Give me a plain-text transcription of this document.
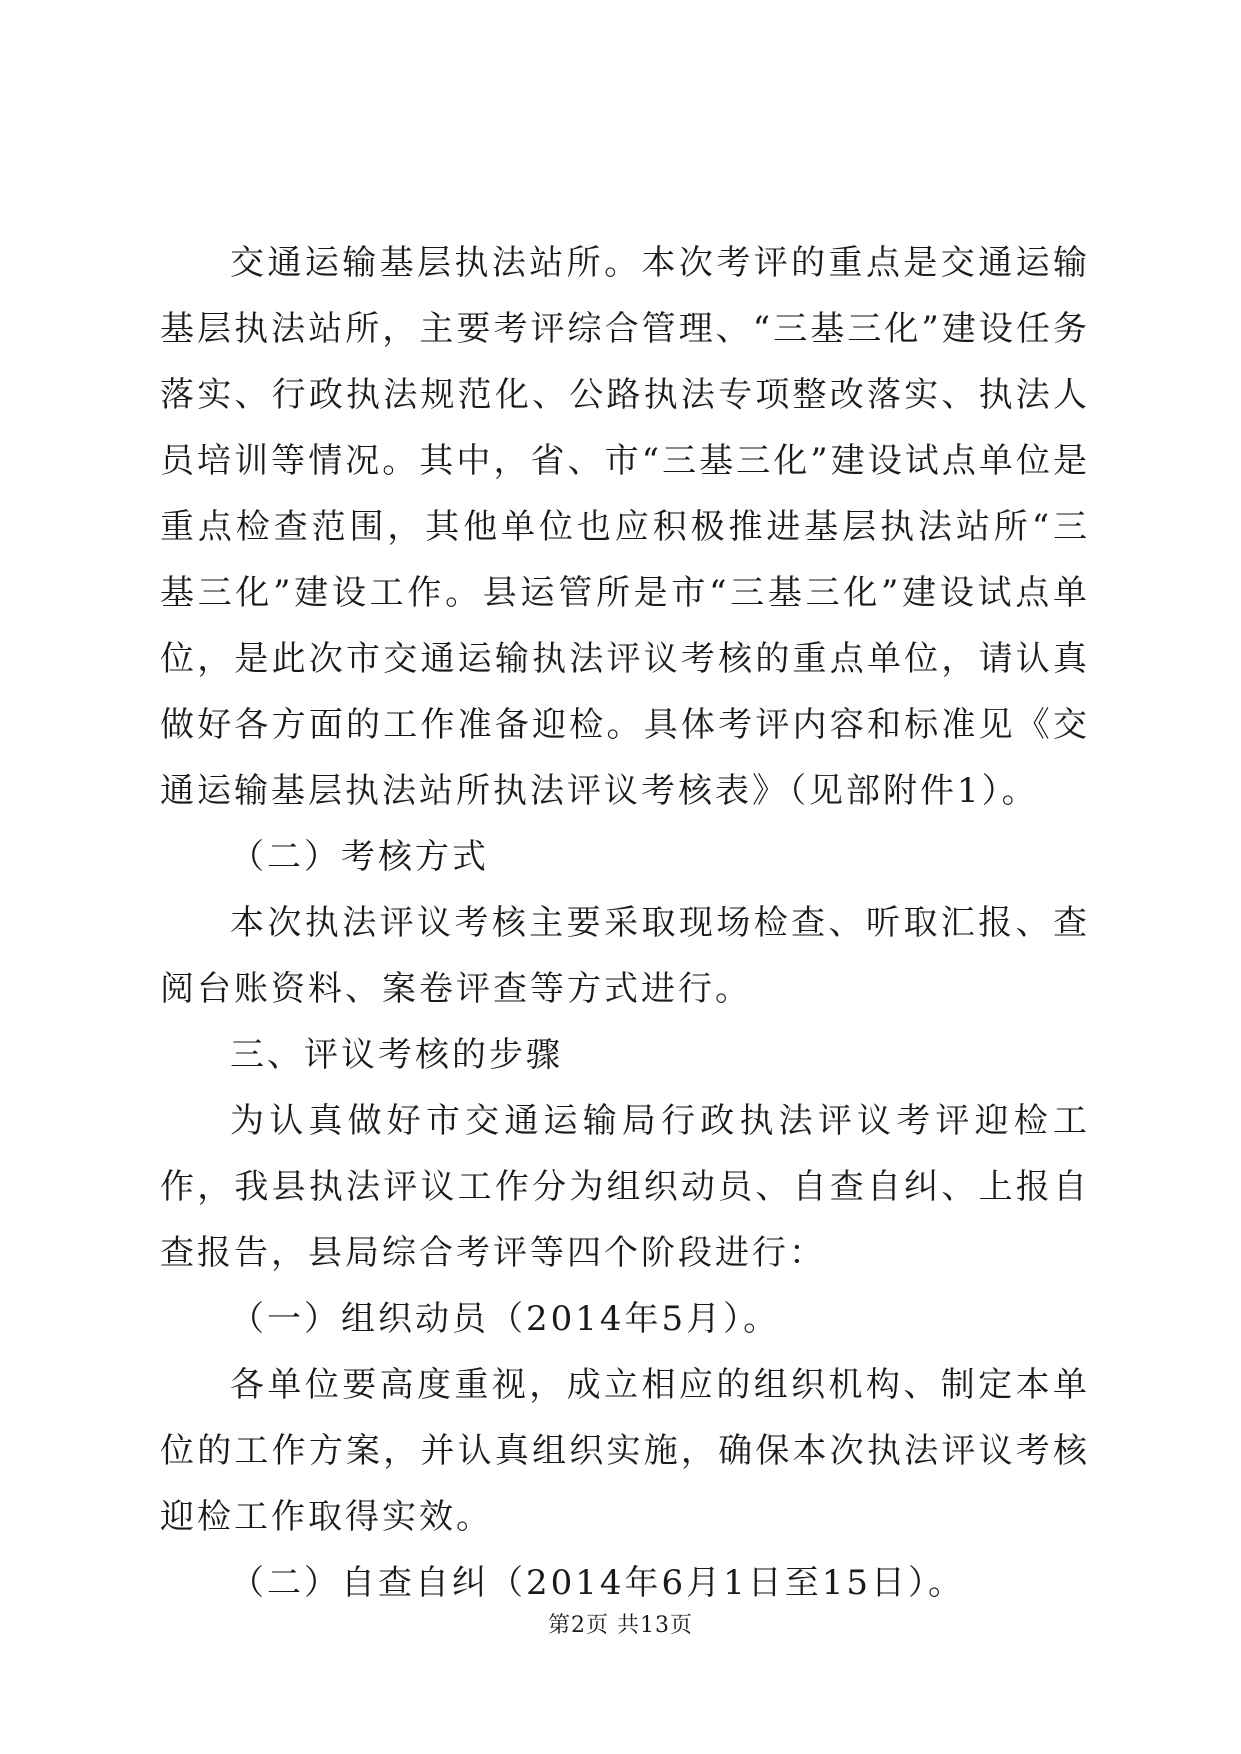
交通运输基层执法站所。本次考评的重点是交通运输基层执法站所，主要考评综合管理、“三基三化”建设任务落实、行政执法规范化、公路执法专项整改落实、执法人员培训等情况。其中，省、市“三基三化”建设试点单位是重点检查范围，其他单位也应积极推进基层执法站所“三基三化”建设工作。县运管所是市“三基三化”建设试点单位，是此次市交通运输执法评议考核的重点单位，请认真做好各方面的工作准备迎检。具体考评内容和标准见《交通运输基层执法站所执法评议考核表》（见部附件1）。

（二）考核方式

本次执法评议考核主要采取现场检查、听取汇报、查阅台账资料、案卷评查等方式进行。

三、评议考核的步骤

为认真做好市交通运输局行政执法评议考评迎检工作，我县执法评议工作分为组织动员、自查自纠、上报自查报告，县局综合考评等四个阶段进行：

（一）组织动员（2014年5月）。

各单位要高度重视，成立相应的组织机构、制定本单位的工作方案，并认真组织实施，确保本次执法评议考核迎检工作取得实效。

（二）自查自纠（2014年6月1日至15日）。

第2页 共13页
